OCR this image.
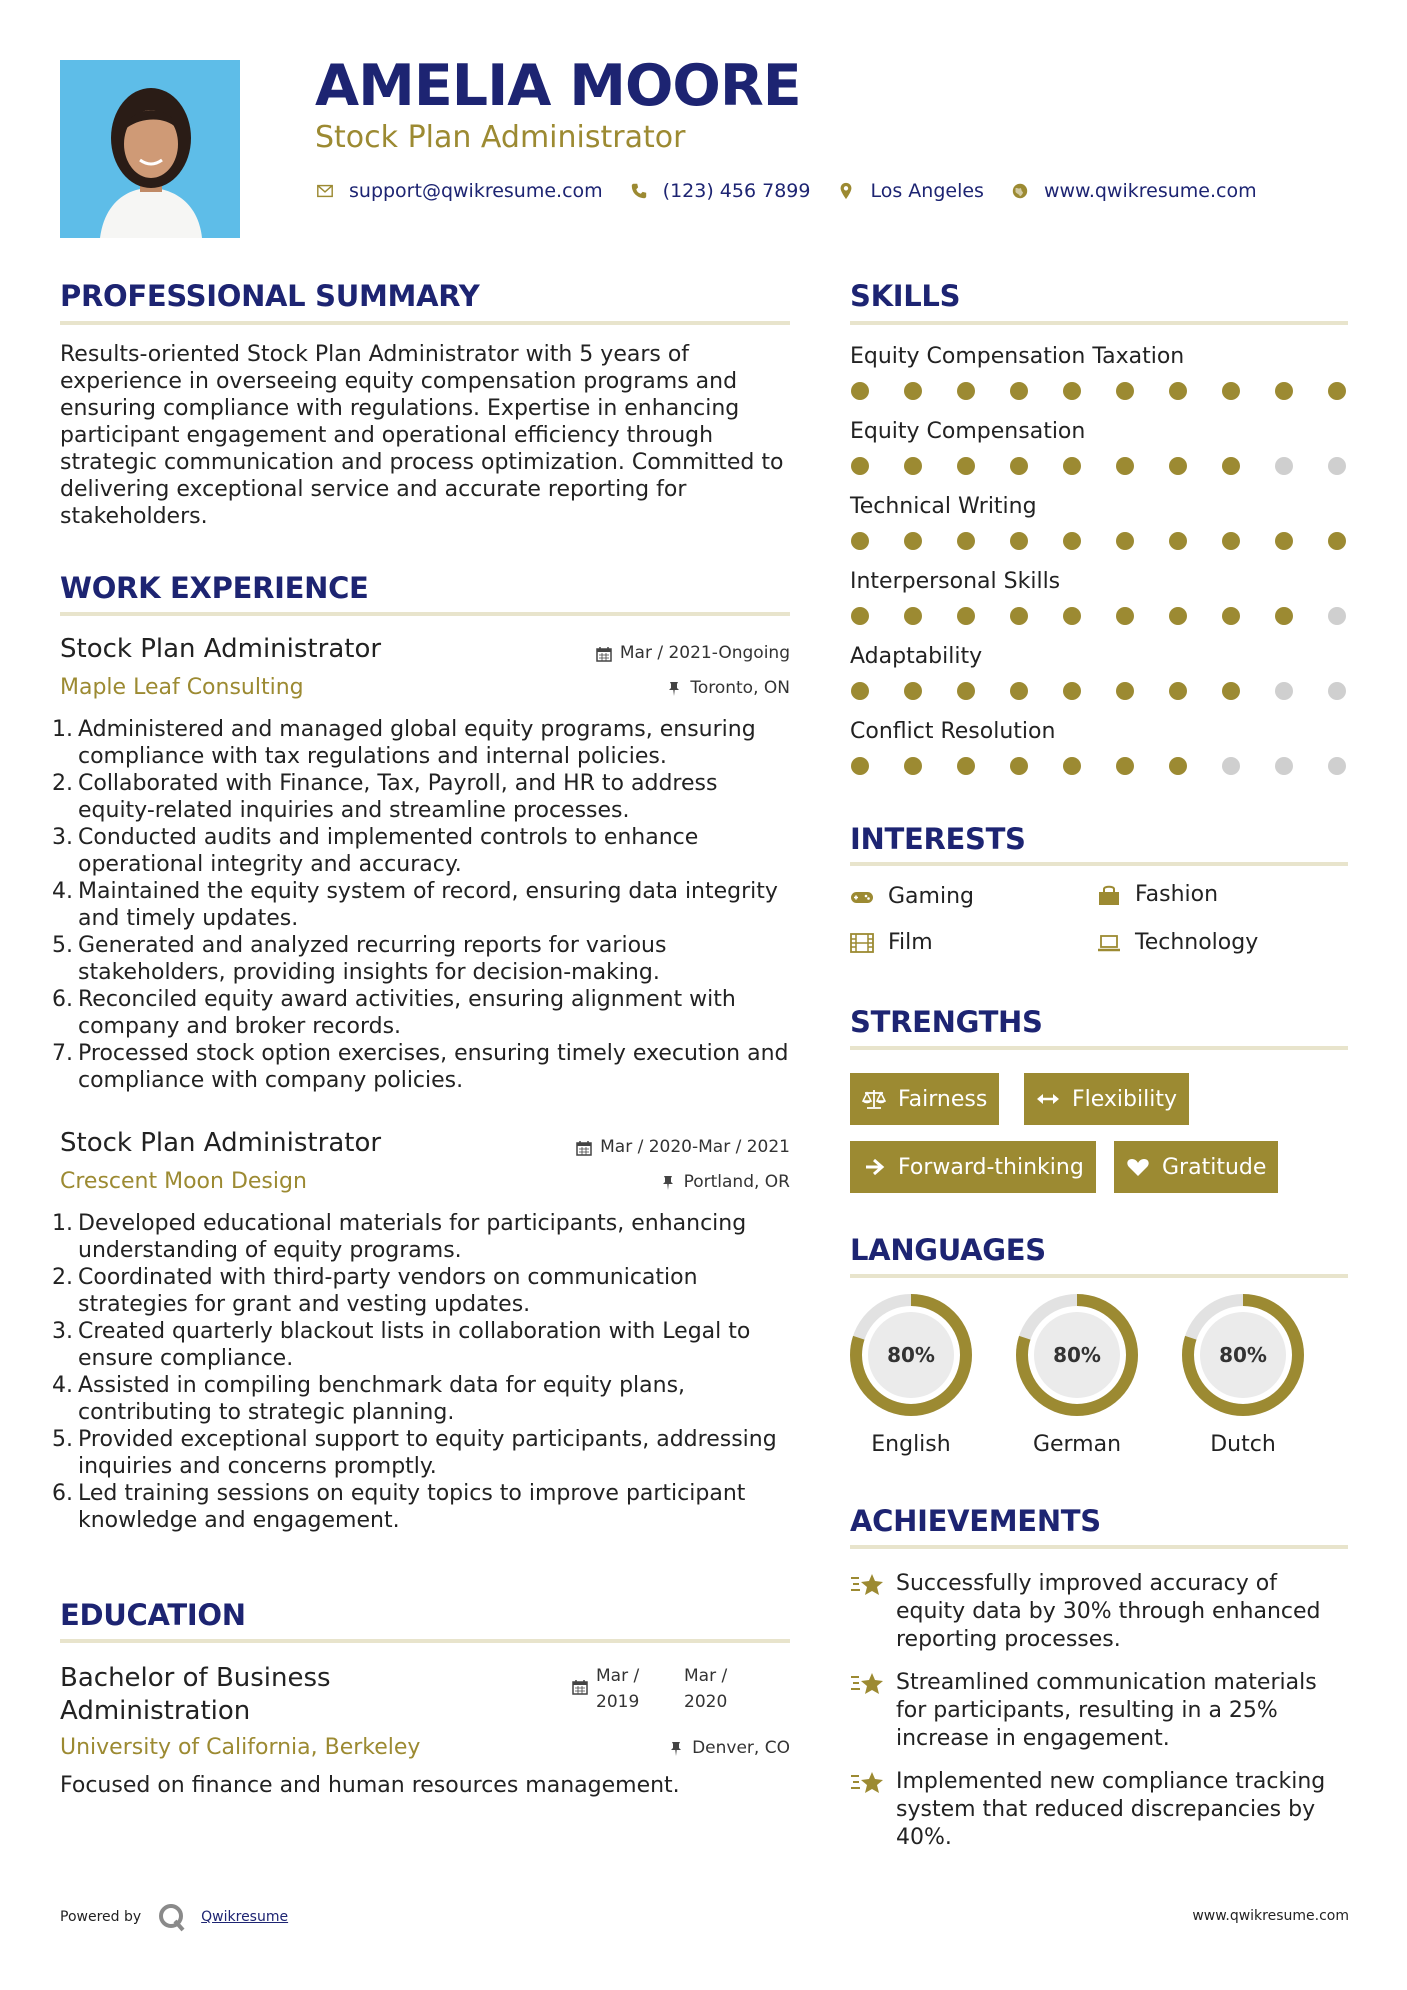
AMELIA MOORE
Stock Plan Administrator
support@qwikresume.com	(123) 456 7899	Los Angeles	www.qwikresume.com
PROFESSIONAL SUMMARY
Results-oriented Stock Plan Administrator with 5 years of experience in overseeing equity compensation programs and ensuring compliance with regulations. Expertise in enhancing participant engagement and operational efficiency through strategic communication and process optimization. Committed to delivering exceptional service and accurate reporting for stakeholders.
WORK EXPERIENCE
Stock Plan Administrator	Mar / 2021-Ongoing
Maple Leaf Consulting	Toronto, ON
1. Administered and managed global equity programs, ensuring compliance with tax regulations and internal policies.
2. Collaborated with Finance, Tax, Payroll, and HR to address equity-related inquiries and streamline processes.
3. Conducted audits and implemented controls to enhance operational integrity and accuracy.
4. Maintained the equity system of record, ensuring data integrity and timely updates.
5. Generated and analyzed recurring reports for various stakeholders, providing insights for decision-making.
6. Reconciled equity award activities, ensuring alignment with company and broker records.
7. Processed stock option exercises, ensuring timely execution and compliance with company policies.
Stock Plan Administrator	Mar / 2020-Mar / 2021
Crescent Moon Design	Portland, OR
1. Developed educational materials for participants, enhancing understanding of equity programs.
2. Coordinated with third-party vendors on communication strategies for grant and vesting updates.
3. Created quarterly blackout lists in collaboration with Legal to ensure compliance.
4. Assisted in compiling benchmark data for equity plans, contributing to strategic planning.
5. Provided exceptional support to equity participants, addressing inquiries and concerns promptly.
6. Led training sessions on equity topics to improve participant knowledge and engagement.
EDUCATION
Bachelor of Business Administration
Mar /
2019
Mar /
2020
University of California, Berkeley	Denver, CO
Focused on finance and human resources management.
SKILLS
Equity Compensation Taxation
Equity Compensation
Technical Writing
Interpersonal Skills
Adaptability
Conflict Resolution
INTERESTS
Gaming	Fashion
Film	Technology
STRENGTHS
Fairness	Flexibility
Forward-thinking	Gratitude
LANGUAGES
80%
English
80%
German
80%
Dutch
ACHIEVEMENTS
Successfully improved accuracy of equity data by 30% through enhanced reporting processes.
Streamlined communication materials for participants, resulting in a 25% increase in engagement.
Implemented new compliance tracking system that reduced discrepancies by 40%.
Powered by	Qwikresume	www.qwikresume.com
